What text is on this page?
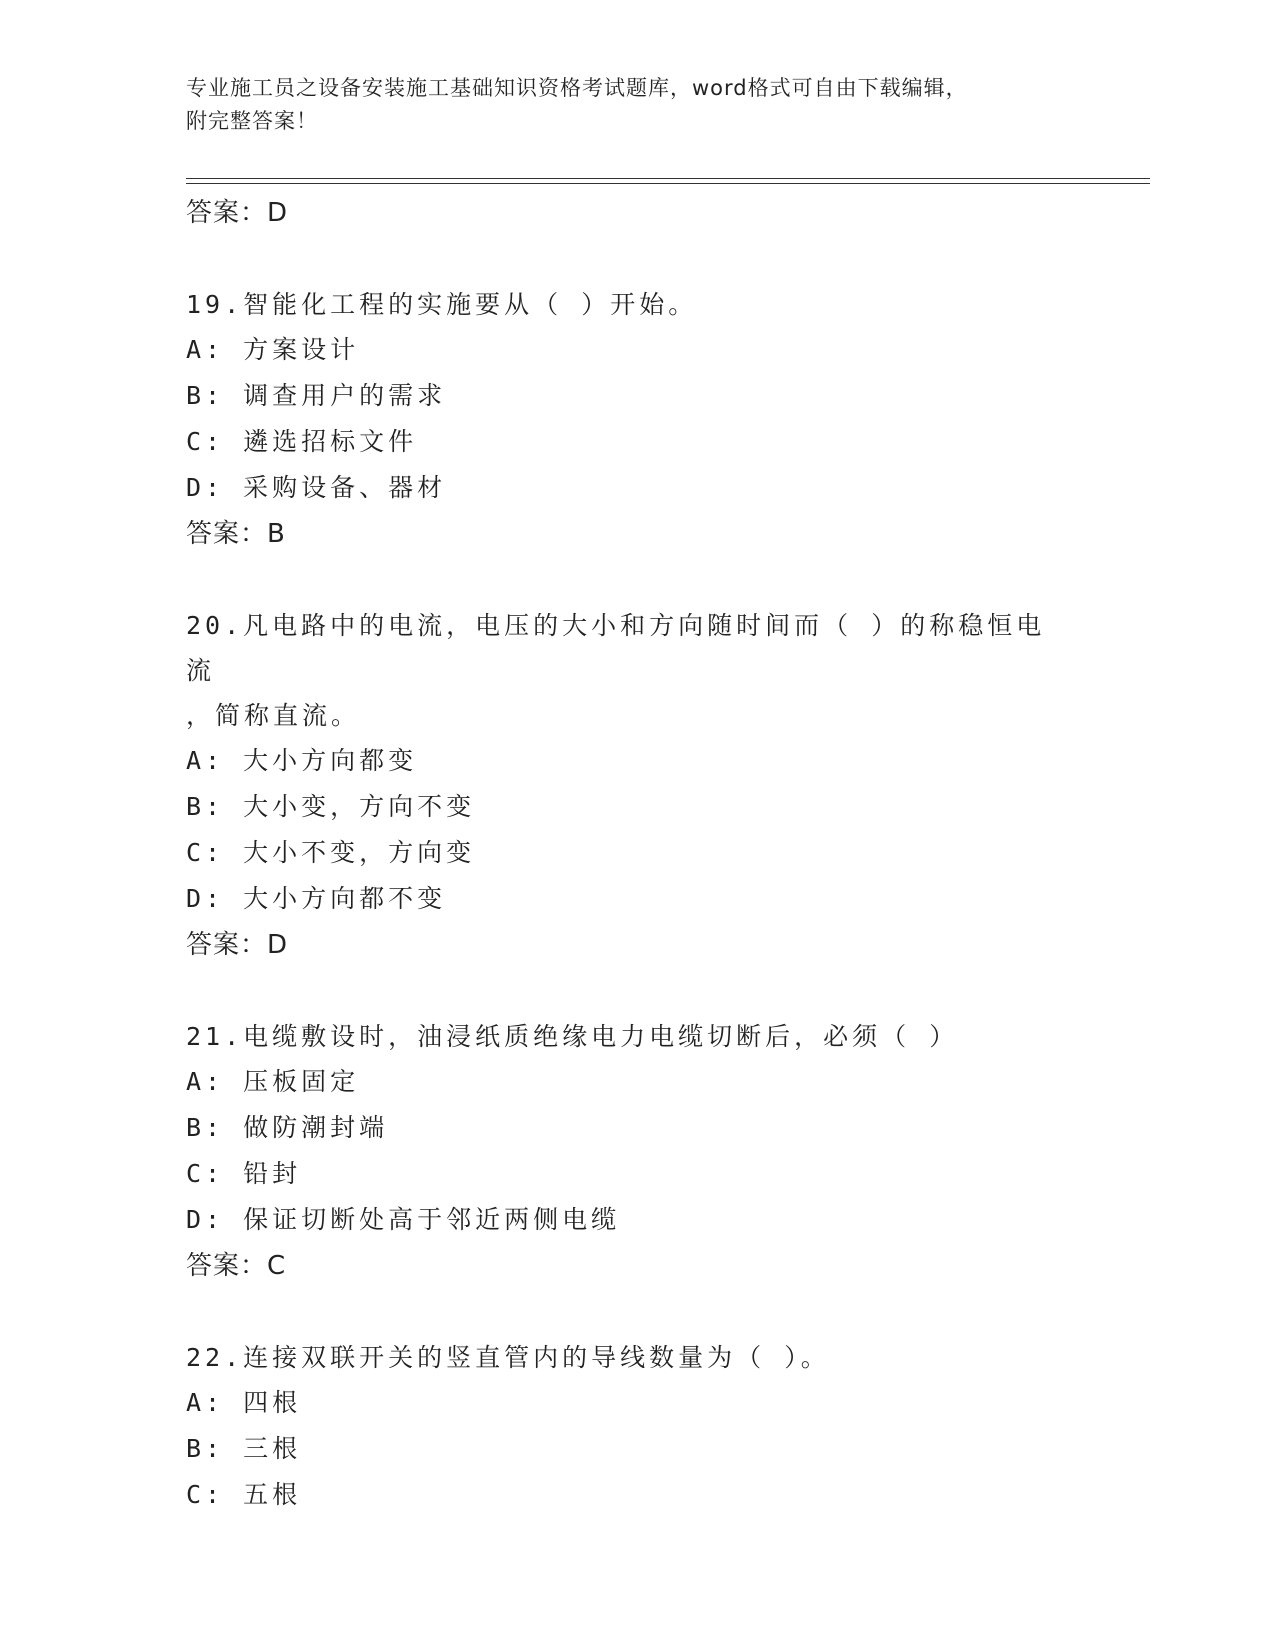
专业施工员之设备安装施工基础知识资格考试题库，word格式可自由下载编辑，
附完整答案！
答案：D
19.智能化工程的实施要从（ ）开始。
A: 方案设计
B: 调查用户的需求
C: 遴选招标文件
D: 采购设备、器材
答案：B
20.凡电路中的电流，电压的大小和方向随时间而（ ）的称稳恒电流
，简称直流。
A: 大小方向都变
B: 大小变，方向不变
C: 大小不变，方向变
D: 大小方向都不变
答案：D
21.电缆敷设时，油浸纸质绝缘电力电缆切断后，必须（ ）
A: 压板固定
B: 做防潮封端
C: 铅封
D: 保证切断处高于邻近两侧电缆
答案：C
22.连接双联开关的竖直管内的导线数量为（ ）。
A: 四根
B: 三根
C: 五根
